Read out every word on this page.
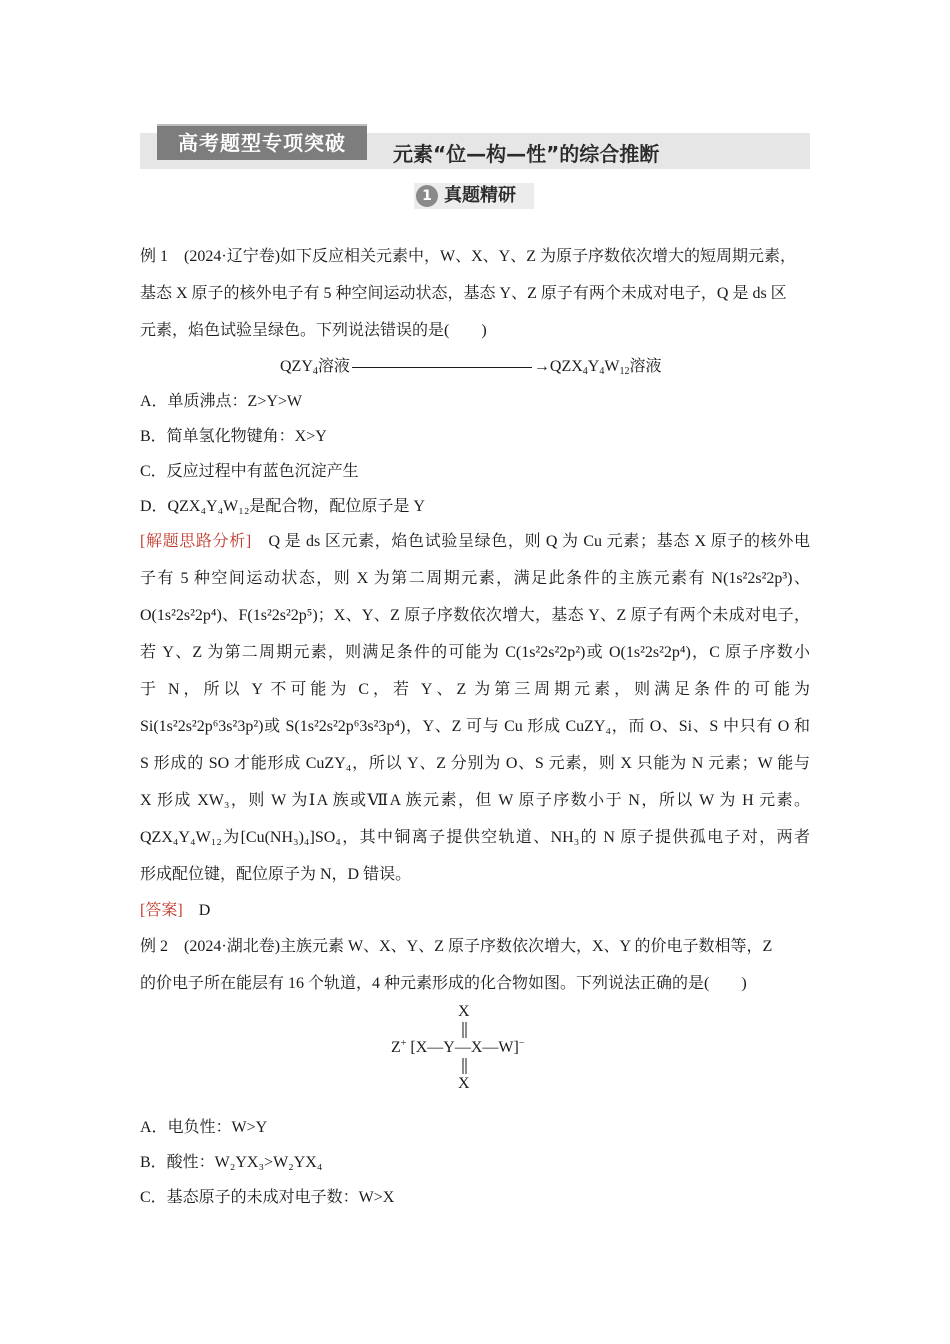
高考题型专项突破	元素“位—构—性”的综合推断
1 真题精研
例 1　 (2024·辽宁卷)如下反应相关元素中，W、X、Y、Z 为原子序数依次增大的短周期元素，
基态 X 原子的核外电子有 5 种空间运动状态，基态 Y、Z 原子有两个未成对电子，Q 是 ds 区
元素，焰色试验呈绿色。下列说法错误的是(　　)
$QZY_4$溶液	$\to QZX_4Y_4W_{12}$溶液
A．单质沸点：Z>Y>W
B．简单氢化物键角：X>Y
C．反应过程中有蓝色沉淀产生
D．QZX₄Y₄W₁₂是配合物，配位原子是 Y
[解题思路分析]　 Q 是 ds 区元素，焰色试验呈绿色，则 Q 为 Cu 元素；基态 X 原子的核外电
子有 5 种空间运动状态，则 X 为第二周期元素，满足此条件的主族元素有 N(1s²2s²2p³)、
O(1s²2s²2p⁴)、F(1s²2s²2p⁵)；X、Y、Z 原子序数依次增大，基态 Y、Z 原子有两个未成对电子，
若 Y、Z 为第二周期元素，则满足条件的可能为 C(1s²2s²2p²)或 O(1s²2s²2p⁴)，C 原子序数小
于 N，所以 Y 不可能为 C，若 Y、Z 为第三周期元素，则满足条件的可能为
Si(1s²2s²2p⁶3s²3p²)或 S(1s²2s²2p⁶3s²3p⁴)，Y、Z 可与 Cu 形成 CuZY₄，而 O、Si、S 中只有 O 和
S 形成的 SO 才能形成 CuZY₄，所以 Y、Z 分别为 O、S 元素，则 X 只能为 N 元素；W 能与
X 形成 XW₃，则 W 为ⅠA 族或ⅦA 族元素，但 W 原子序数小于 N，所以 W 为 H 元素。
QZX₄Y₄W₁₂为[Cu(NH₃)₄]SO₄，其中铜离子提供空轨道、NH₃的 N 原子提供孤电子对，两者
形成配位键，配位原子为 N，D 错误。
[答案]　 D
例 2　 (2024·湖北卷)主族元素 W、X、Y、Z 原子序数依次增大，X、Y 的价电子数相等，Z
的价电子所在能层有 16 个轨道，4 种元素形成的化合物如图。下列说法正确的是(　　)
X
Z+ [X—Y—X—W]−
X
A．电负性：W>Y
B．酸性：W₂YX₃>W₂YX₄
C．基态原子的未成对电子数：W>X
